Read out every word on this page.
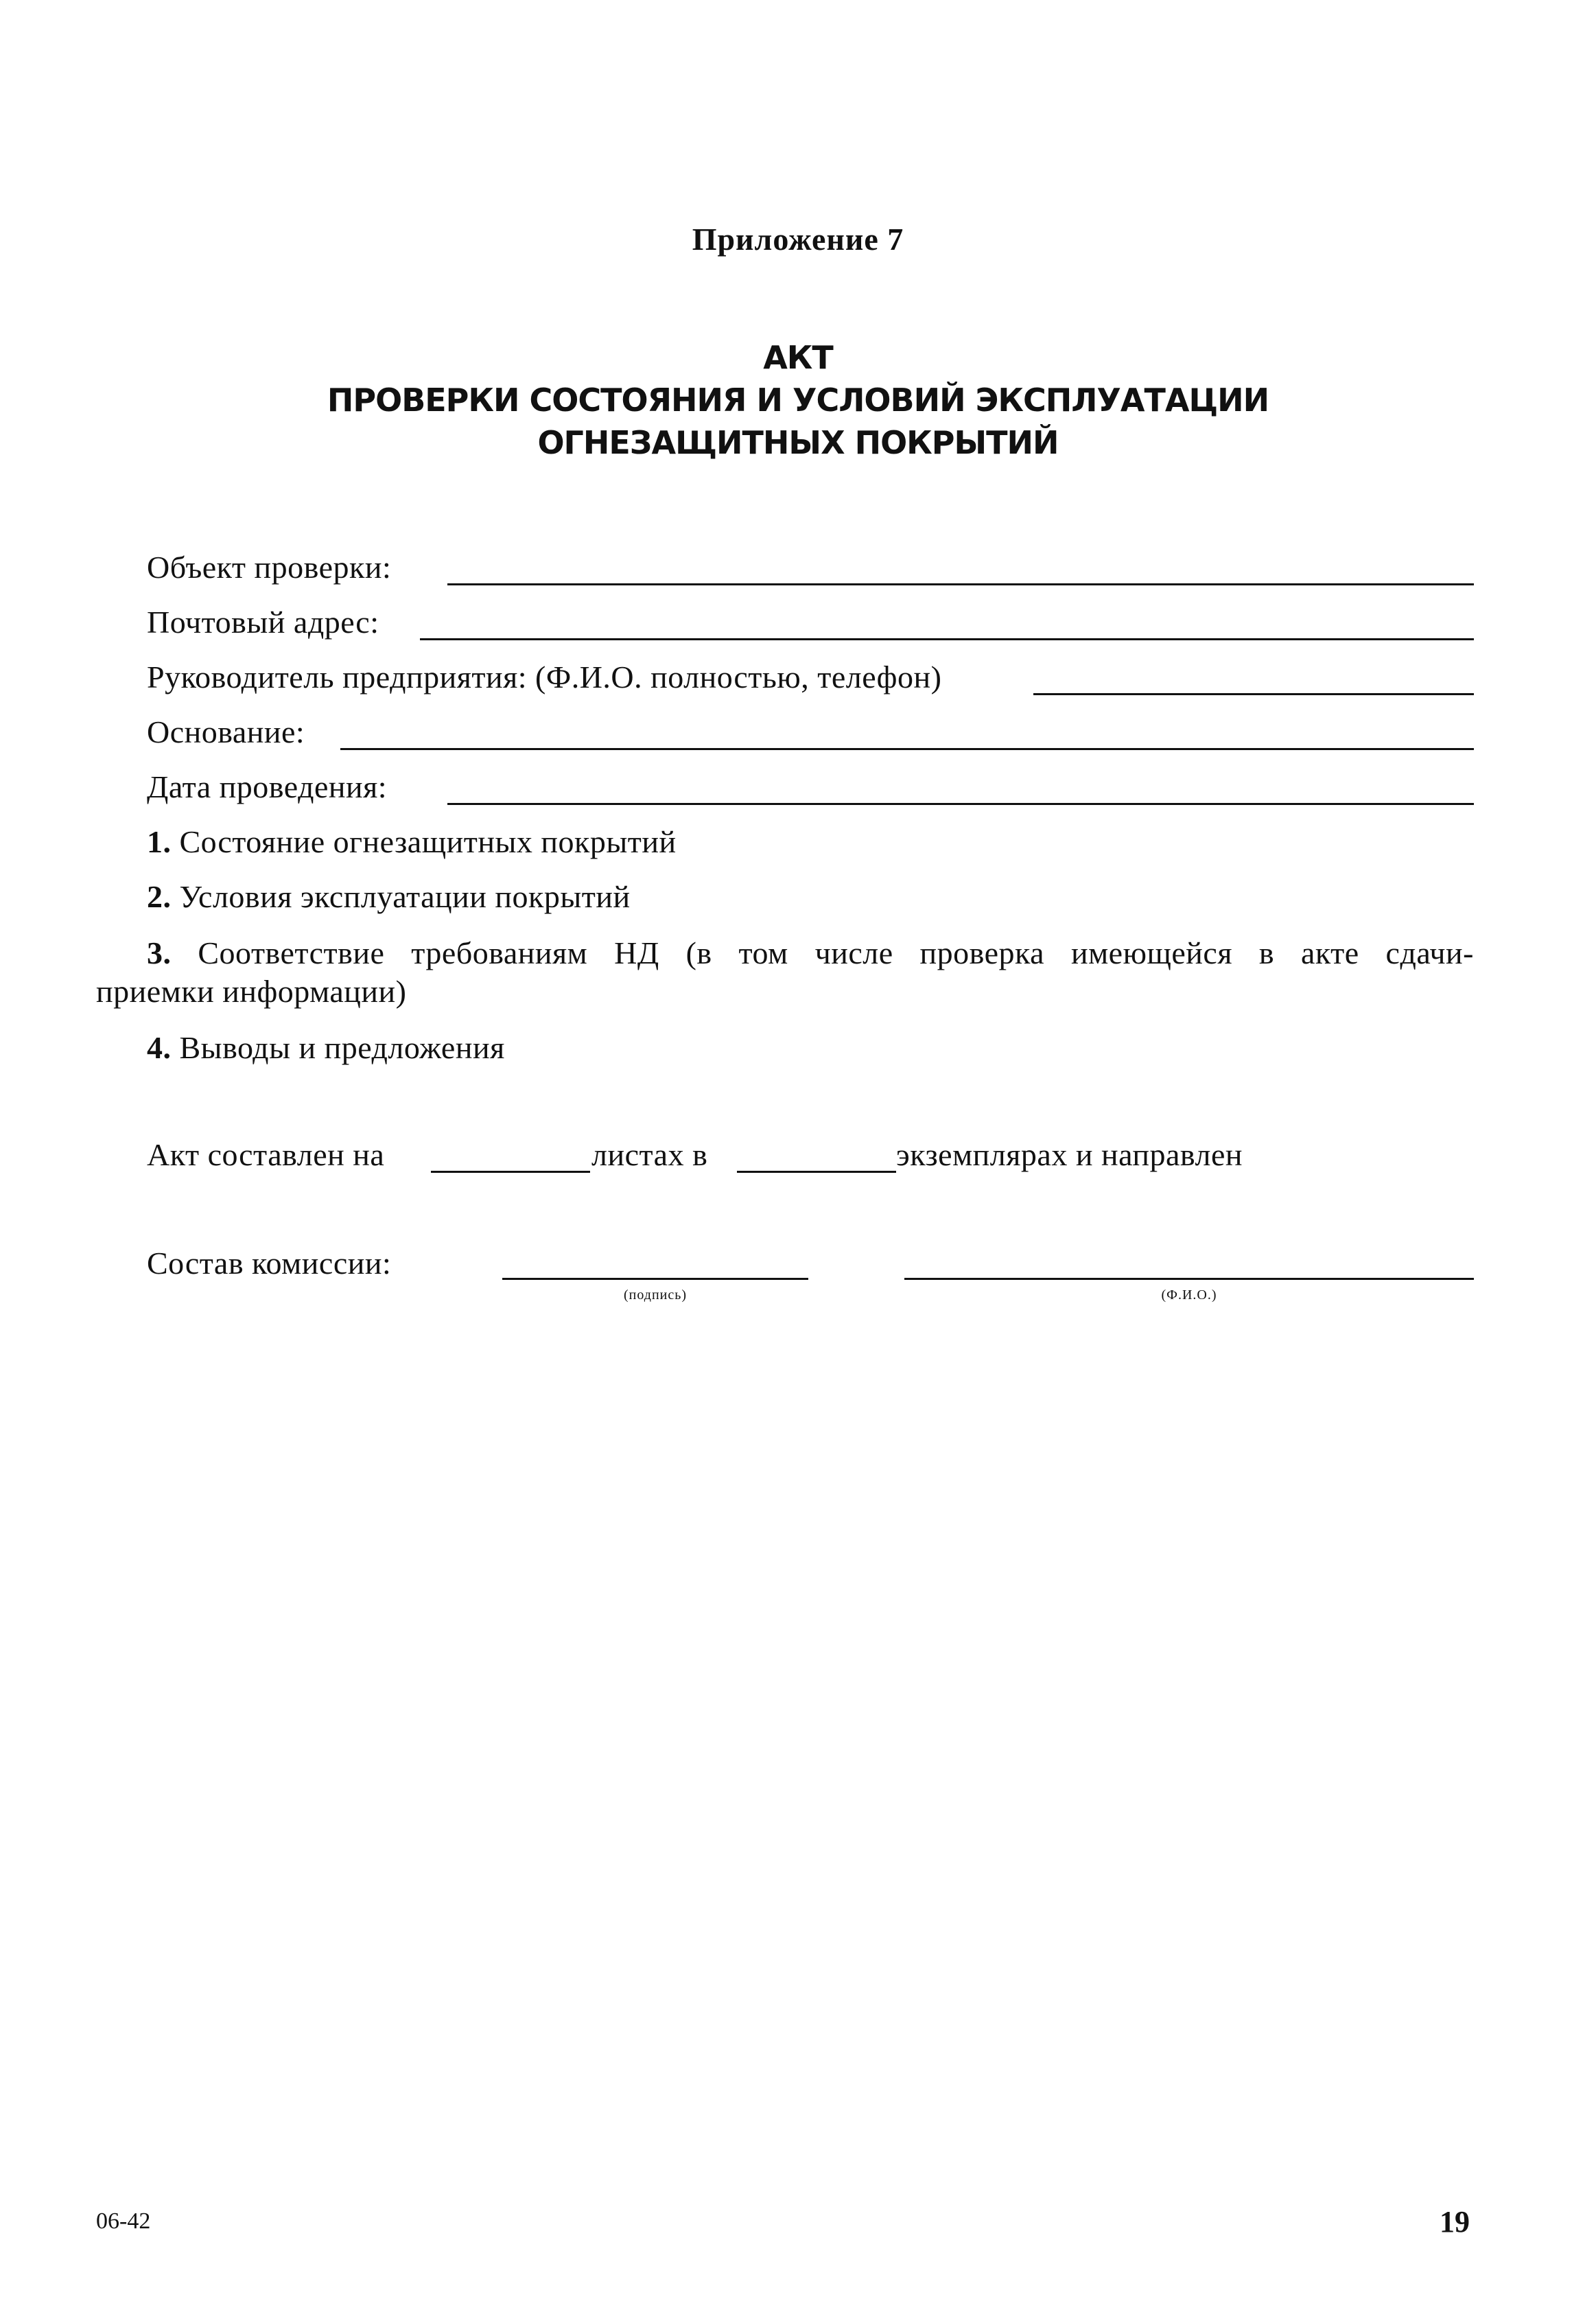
Приложение 7
АКТ
ПРОВЕРКИ СОСТОЯНИЯ И УСЛОВИЙ ЭКСПЛУАТАЦИИ
ОГНЕЗАЩИТНЫХ ПОКРЫТИЙ
Объект проверки:
Почтовый адрес:
Руководитель предприятия: (Ф.И.О. полностью, телефон)
Основание:
Дата проведения:
1. Состояние огнезащитных покрытий
2. Условия эксплуатации покрытий
3. Соответствие требованиям НД (в том числе проверка имеющейся в акте сдачи-
приемки информации)
4. Выводы и предложения
Акт составлен на	листах в	экземплярах и направлен
Состав комиссии:
(подпись)	(Ф.И.О.)
06-42	19
